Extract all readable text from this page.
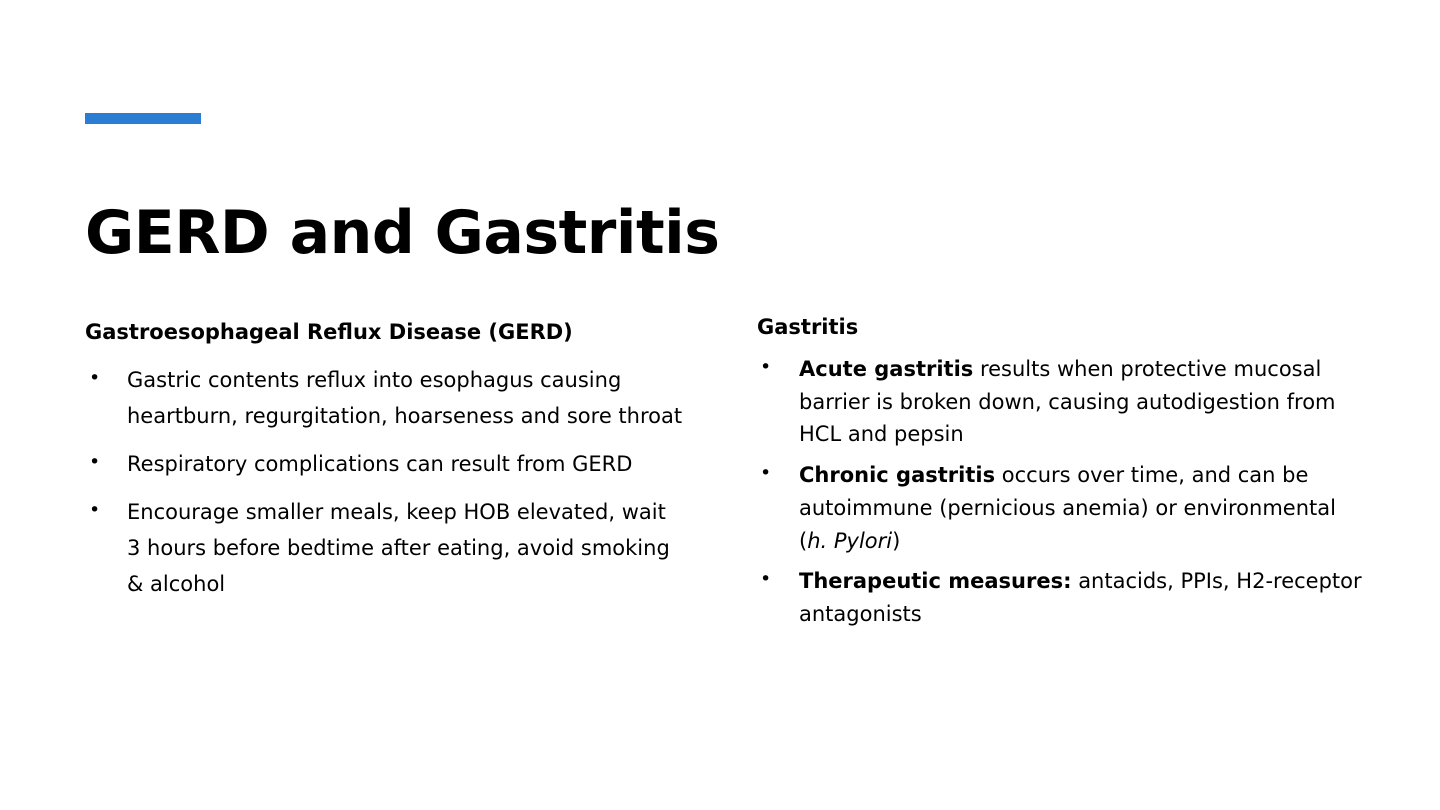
GERD and Gastritis
Gastroesophageal Reflux Disease (GERD)
• Gastric contents reflux into esophagus causing heartburn, regurgitation, hoarseness and sore throat
• Respiratory complications can result from GERD
• Encourage smaller meals, keep HOB elevated, wait 3 hours before bedtime after eating, avoid smoking & alcohol
Gastritis
• Acute gastritis results when protective mucosal barrier is broken down, causing autodigestion from HCL and pepsin
• Chronic gastritis occurs over time, and can be autoimmune (pernicious anemia) or environmental (h. Pylori)
• Therapeutic measures: antacids, PPIs, H2-receptor antagonists
